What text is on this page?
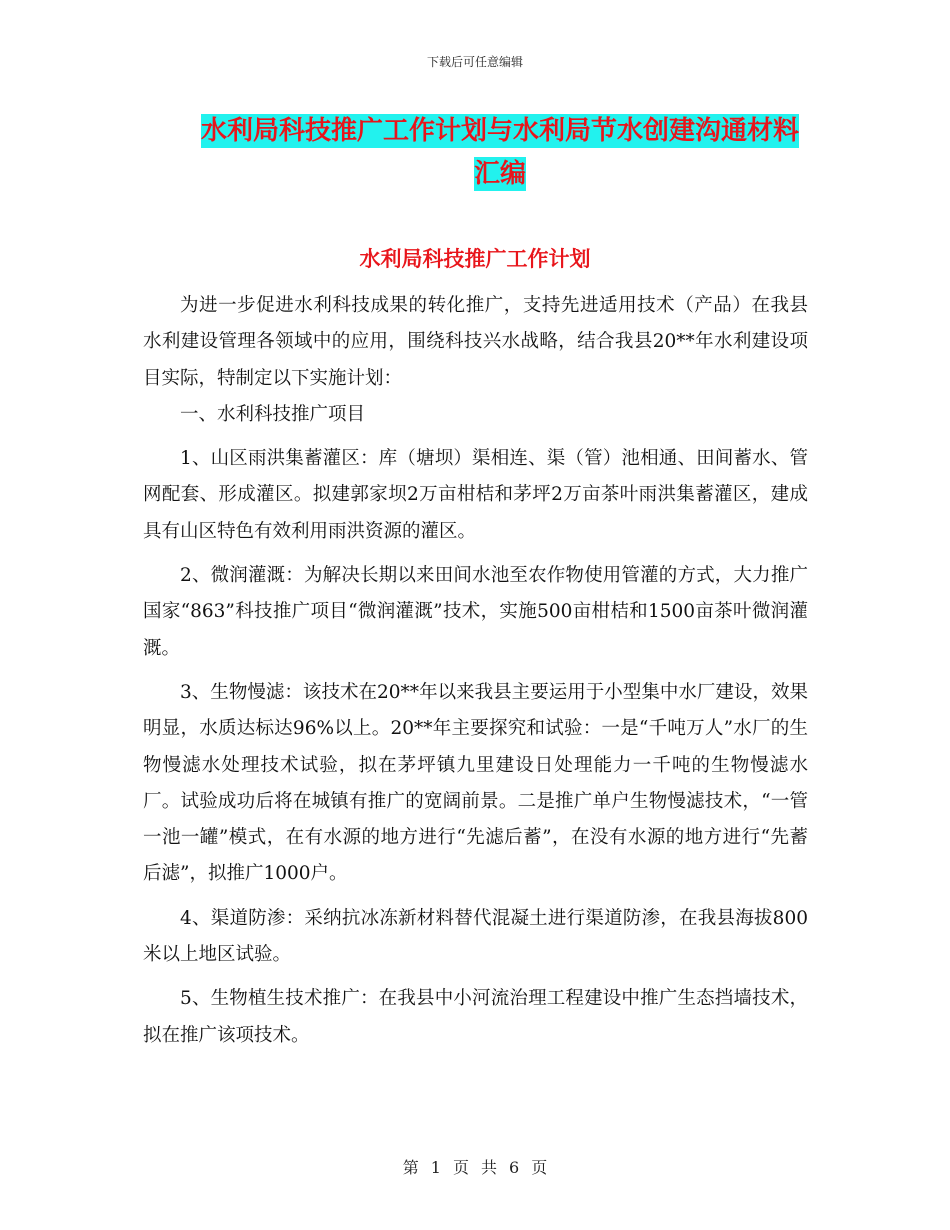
下载后可任意编辑
水利局科技推广工作计划与水利局节水创建沟通材料
汇编
水利局科技推广工作计划

为进一步促进水利科技成果的转化推广，支持先进适用技术（产品）在我县水利建设管理各领域中的应用，围绕科技兴水战略，结合我县20**年水利建设项目实际，特制定以下实施计划：

一、水利科技推广项目

1、山区雨洪集蓄灌区：库（塘坝）渠相连、渠（管）池相通、田间蓄水、管网配套、形成灌区。拟建郭家坝2万亩柑桔和茅坪2万亩茶叶雨洪集蓄灌区，建成具有山区特色有效利用雨洪资源的灌区。

2、微润灌溉：为解决长期以来田间水池至农作物使用管灌的方式，大力推广国家“863”科技推广项目“微润灌溉”技术，实施500亩柑桔和1500亩茶叶微润灌溉。

3、生物慢滤：该技术在20**年以来我县主要运用于小型集中水厂建设，效果明显，水质达标达96%以上。20**年主要探究和试验：一是“千吨万人”水厂的生物慢滤水处理技术试验，拟在茅坪镇九里建设日处理能力一千吨的生物慢滤水厂。试验成功后将在城镇有推广的宽阔前景。二是推广单户生物慢滤技术，“一管一池一罐”模式，在有水源的地方进行“先滤后蓄”，在没有水源的地方进行“先蓄后滤”，拟推广1000户。

4、渠道防渗：采纳抗冰冻新材料替代混凝土进行渠道防渗，在我县海拔800米以上地区试验。

5、生物植生技术推广：在我县中小河流治理工程建设中推广生态挡墙技术，拟在推广该项技术。

第 1 页 共 6 页
